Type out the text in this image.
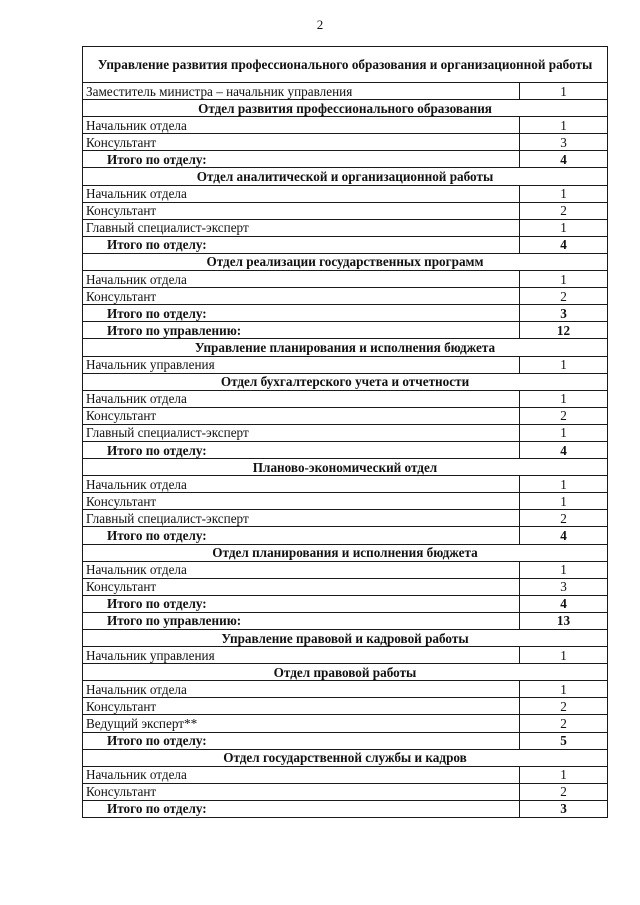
2
Управление развития профессионального образования и организационной работы	
Заместитель министра – начальник управления	1
Отдел развития профессионального образования	
Начальник отдела	1
Консультант	3
Итого по отделу:	4
Отдел аналитической и организационной работы	
Начальник отдела	1
Консультант	2
Главный специалист-эксперт	1
Итого по отделу:	4
Отдел реализации государственных программ	
Начальник отдела	1
Консультант	2
Итого по отделу:	3
Итого по управлению:	12
Управление планирования и исполнения бюджета	
Начальник управления	1
Отдел бухгалтерского учета и отчетности	
Начальник отдела	1
Консультант	2
Главный специалист-эксперт	1
Итого по отделу:	4
Планово-экономический отдел	
Начальник отдела	1
Консультант	1
Главный специалист-эксперт	2
Итого по отделу:	4
Отдел планирования и исполнения бюджета	
Начальник отдела	1
Консультант	3
Итого по отделу:	4
Итого по управлению:	13
Управление правовой и кадровой работы	
Начальник управления	1
Отдел правовой работы	
Начальник отдела	1
Консультант	2
Ведущий эксперт**	2
Итого по отделу:	5
Отдел государственной службы и кадров	
Начальник отдела	1
Консультант	2
Итого по отделу:	3
